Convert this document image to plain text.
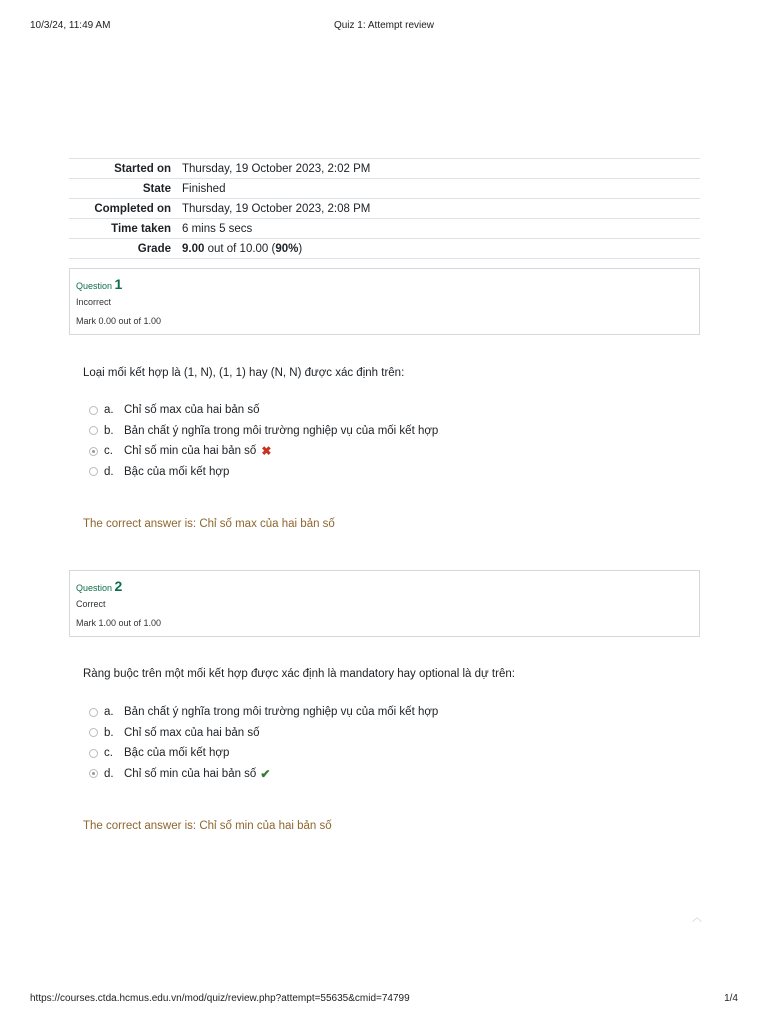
10/3/24, 11:49 AM	Quiz 1: Attempt review
Started on	Thursday, 19 October 2023, 2:02 PM
State	Finished
Completed on	Thursday, 19 October 2023, 2:08 PM
Time taken	6 mins 5 secs
Grade	9.00 out of 10.00 (90%)
Question 1
Incorrect
Mark 0.00 out of 1.00
Loại mối kết hợp là (1, N), (1, 1) hay (N, N) được xác định trên:
a. Chỉ số max của hai bản số
b. Bản chất ý nghĩa trong môi trường nghiệp vụ của mối kết hợp
c. Chỉ số min của hai bản số ✖
d. Bậc của mối kết hợp
The correct answer is: Chỉ số max của hai bản số
Question 2
Correct
Mark 1.00 out of 1.00
Ràng buộc trên một mối kết hợp được xác định là mandatory hay optional là dự trên:
a. Bản chất ý nghĩa trong môi trường nghiệp vụ của mối kết hợp
b. Chỉ số max của hai bản số
c. Bậc của mối kết hợp
d. Chỉ số min của hai bản số ✔
The correct answer is: Chỉ số min của hai bản số
︿
https://courses.ctda.hcmus.edu.vn/mod/quiz/review.php?attempt=55635&cmid=74799	1/4
